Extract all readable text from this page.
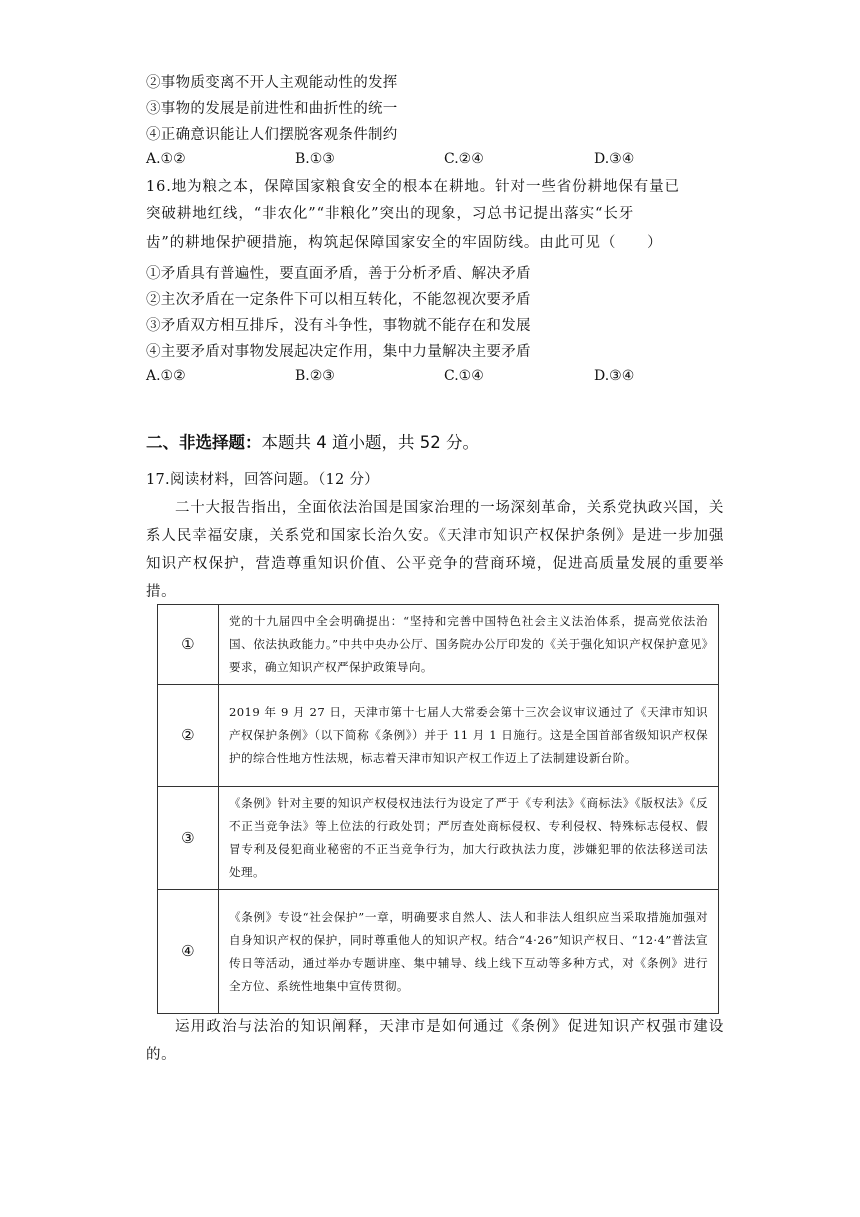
②事物质变离不开人主观能动性的发挥
③事物的发展是前进性和曲折性的统一
④正确意识能让人们摆脱客观条件制约
A.①②	B.①③	C.②④	D.③④
16.地为粮之本，保障国家粮食安全的根本在耕地。针对一些省份耕地保有量已
突破耕地红线，“非农化”“非粮化”突出的现象，习总书记提出落实“长牙
齿”的耕地保护硬措施，构筑起保障国家安全的牢固防线。由此可见（　　）
①矛盾具有普遍性，要直面矛盾，善于分析矛盾、解决矛盾
②主次矛盾在一定条件下可以相互转化，不能忽视次要矛盾
③矛盾双方相互排斥，没有斗争性，事物就不能存在和发展
④主要矛盾对事物发展起决定作用，集中力量解决主要矛盾
A.①②	B.②③	C.①④	D.③④
二、非选择题：本题共 4 道小题，共 52 分。
17.阅读材料，回答问题。（12 分）
二十大报告指出，全面依法治国是国家治理的一场深刻革命，关系党执政兴国，关系人民幸福安康，关系党和国家长治久安。《天津市知识产权保护条例》是进一步加强知识产权保护，营造尊重知识价值、公平竞争的营商环境，促进高质量发展的重要举措。
①	党的十九届四中全会明确提出：“坚持和完善中国特色社会主义法治体系，提高党依法治国、依法执政能力。”中共中央办公厅、国务院办公厅印发的《关于强化知识产权保护意见》要求，确立知识产权严保护政策导向。
②	2019 年 9 月 27 日，天津市第十七届人大常委会第十三次会议审议通过了《天津市知识产权保护条例》（以下简称《条例》）并于 11 月 1 日施行。这是全国首部省级知识产权保护的综合性地方性法规，标志着天津市知识产权工作迈上了法制建设新台阶。
③	《条例》针对主要的知识产权侵权违法行为设定了严于《专利法》《商标法》《版权法》《反不正当竞争法》等上位法的行政处罚；严厉查处商标侵权、专利侵权、特殊标志侵权、假冒专利及侵犯商业秘密的不正当竞争行为，加大行政执法力度，涉嫌犯罪的依法移送司法处理。
④	《条例》专设“社会保护”一章，明确要求自然人、法人和非法人组织应当采取措施加强对自身知识产权的保护，同时尊重他人的知识产权。结合“4·26”知识产权日、“12·4”普法宣传日等活动，通过举办专题讲座、集中辅导、线上线下互动等多种方式，对《条例》进行全方位、系统性地集中宣传贯彻。
运用政治与法治的知识阐释，天津市是如何通过《条例》促进知识产权强市建设的。
